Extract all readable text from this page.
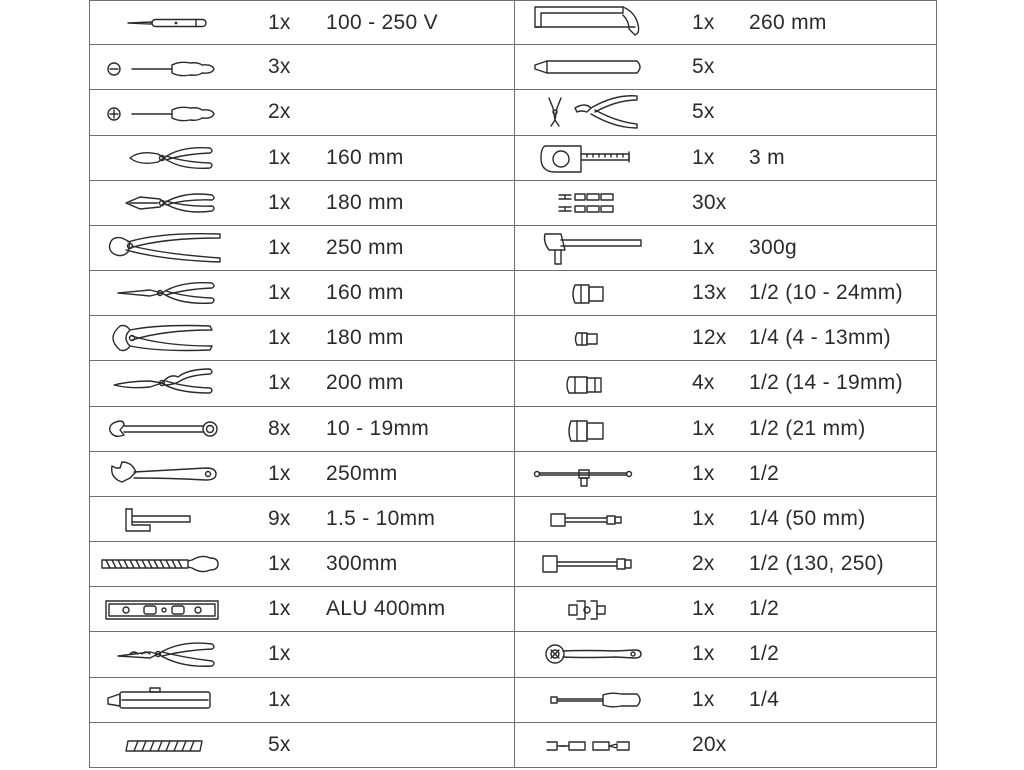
1x 100 - 250 V
3x
2x
1x 160 mm
1x 180 mm
1x 250 mm
1x 160 mm
1x 180 mm
1x 200 mm
8x 10 - 19mm
1x 250mm
9x 1.5 - 10mm
1x 300mm
1x ALU 400mm
1x
1x
5x
1x 260 mm
5x
5x
1x 3 m
30x
1x 300g
13x 1/2 (10 - 24mm)
12x 1/4 (4 - 13mm)
4x 1/2 (14 - 19mm)
1x 1/2 (21 mm)
1x 1/2
1x 1/4 (50 mm)
2x 1/2 (130, 250)
1x 1/2
1x 1/2
1x 1/4
20x
